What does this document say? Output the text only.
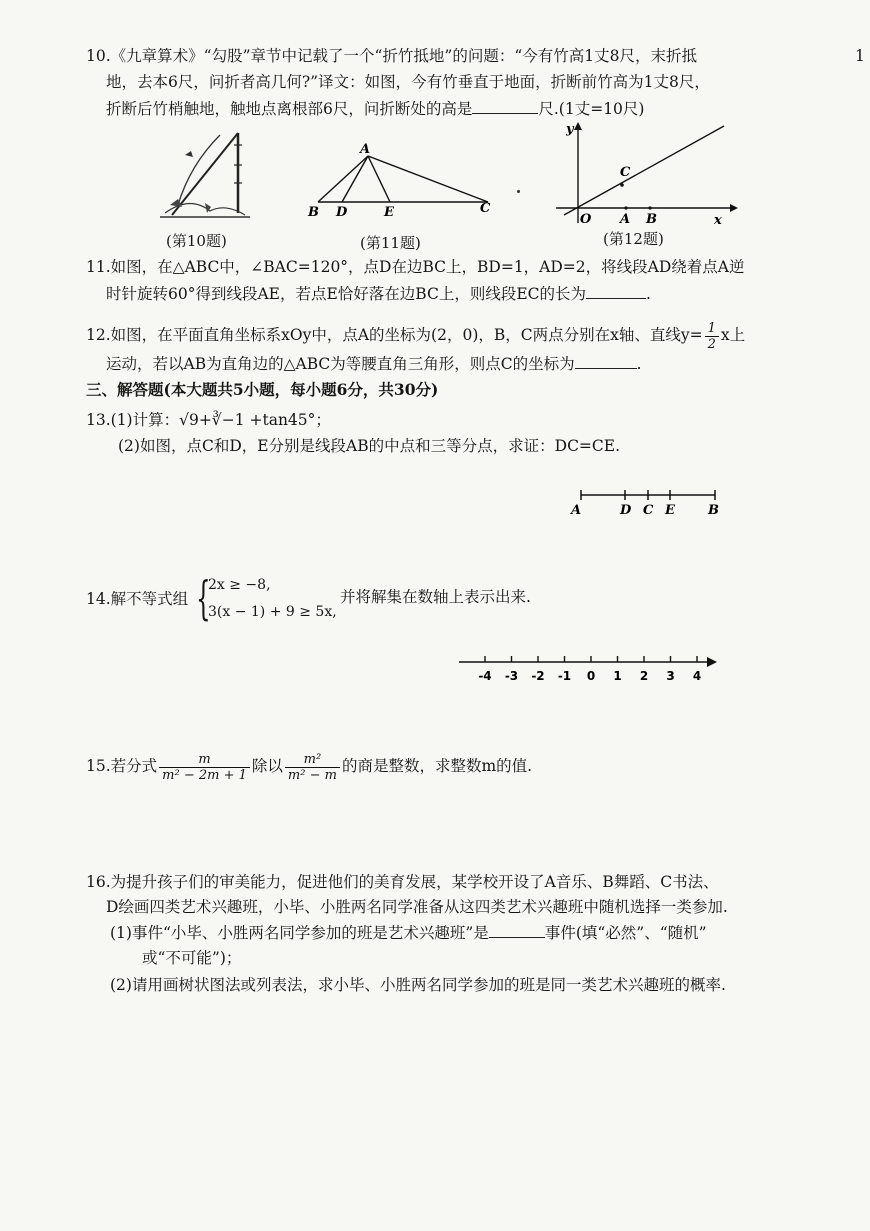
1
10.《九章算术》“勾股”章节中记载了一个“折竹抵地”的问题：“今有竹高1丈8尺，末折抵
地，去本6尺，问折者高几何?”译文：如图，今有竹垂直于地面，折断前竹高为1丈8尺，
折断后竹梢触地，触地点离根部6尺，问折断处的高是	尺.(1丈=10尺)
(第10题)
A
B D	E	C
(第11题)
y
x
O A B
C
(第12题)
11.如图，在△ABC中，∠BAC=120°，点D在边BC上，BD=1，AD=2，将线段AD绕着点A逆
时针旋转60°得到线段AE，若点E恰好落在边BC上，则线段EC的长为	.
12.如图，在平面直角坐标系xOy中，点A的坐标为(2，0)，B，C两点分别在x轴、直线$y= \frac{1}{2}$ x上
运动，若以AB为直角边的△ABC为等腰直角三角形，则点C的坐标为	.
三、解答题(本大题共5小题，每小题6分，共30分)
13.(1)计算：√9+∛−1 +tan45°；
(2)如图，点C和D，E分别是线段AB的中点和三等分点，求证：DC=CE.
A	D C E	B
14.解不等式组 {
2x ≥ −8,
3(x − 1) + 9 ≥ 5x,
并将解集在数轴上表示出来.
-4 -3 -2 -1 0 1 2 3 4
15.若分式 $\frac{m}{\text{m² − 2m + 1}}$ 除以 $\frac{\text{m²}}{\text{m² − m}}$ 的商是整数，求整数m的值.
16.为提升孩子们的审美能力，促进他们的美育发展，某学校开设了A音乐、B舞蹈、C书法、
D绘画四类艺术兴趣班，小毕、小胜两名同学准备从这四类艺术兴趣班中随机选择一类参加.
(1)事件“小毕、小胜两名同学参加的班是艺术兴趣班”是	事件(填“必然”、“随机”
或“不可能”)；
(2)请用画树状图法或列表法，求小毕、小胜两名同学参加的班是同一类艺术兴趣班的概率.
